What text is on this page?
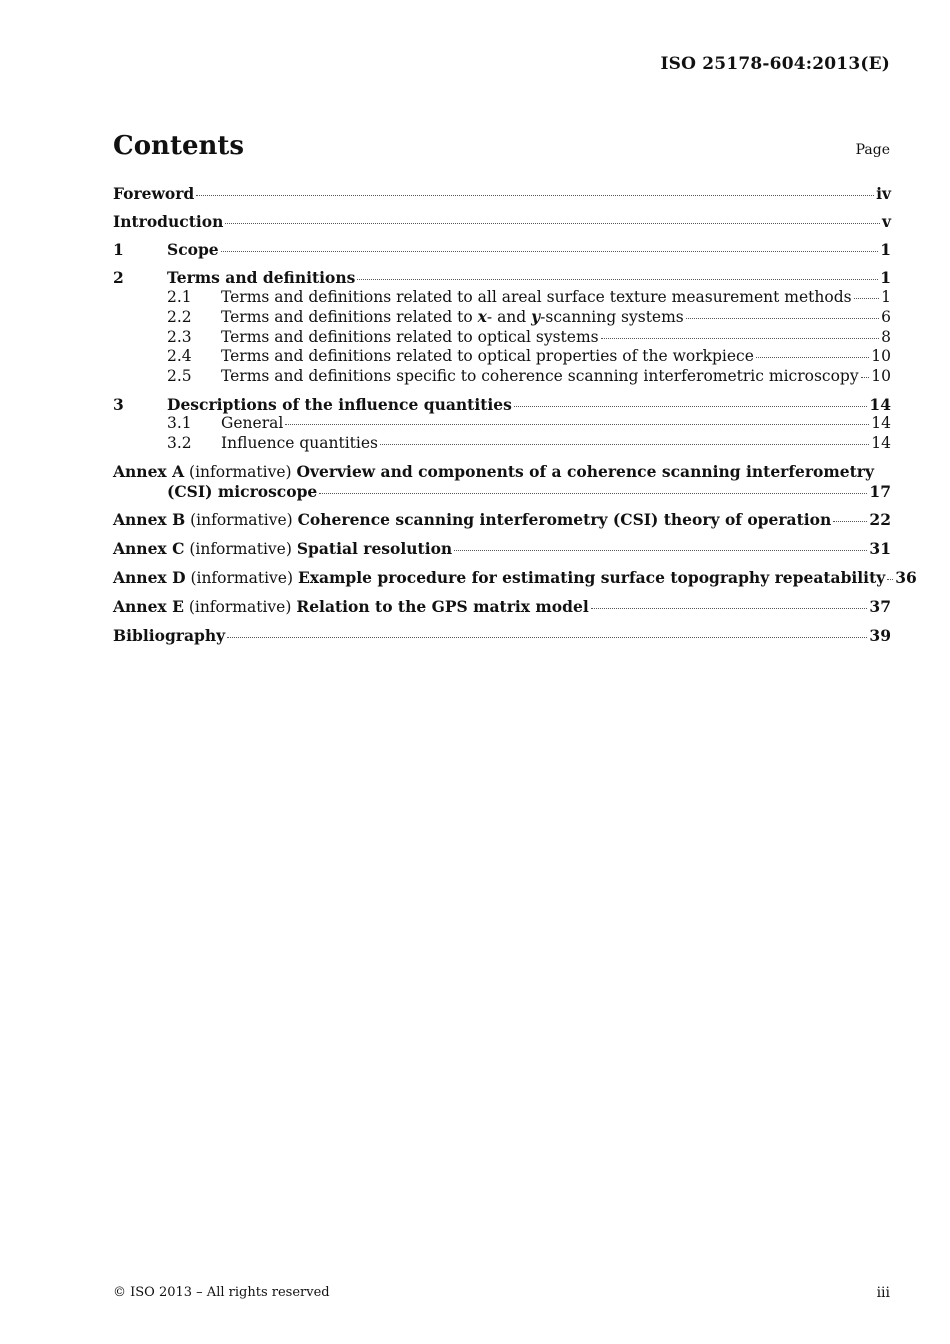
ISO 25178-604:2013(E)
Contents	Page
Foreword	iv
Introduction	v
1	Scope	1
2	Terms and definitions	1
2.1	Terms and definitions related to all areal surface texture measurement methods 1
2.2	Terms and definitions related to x- and y-scanning systems	6
2.3	Terms and definitions related to optical systems	8
2.4	Terms and definitions related to optical properties of the workpiece	10
2.5	Terms and definitions specific to coherence scanning interferometric microscopy 10
3	Descriptions of the influence quantities	14
3.1	General	14
3.2	Influence quantities	14
Annex A (informative) Overview and components of a coherence scanning interferometry
(CSI) microscope	17
Annex B (informative) Coherence scanning interferometry (CSI) theory of operation 22
Annex C (informative) Spatial resolution	31
Annex D (informative) Example procedure for estimating surface topography repeatability 36
Annex E (informative) Relation to the GPS matrix model	37
Bibliography	39
© ISO 2013 – All rights reserved	iii
